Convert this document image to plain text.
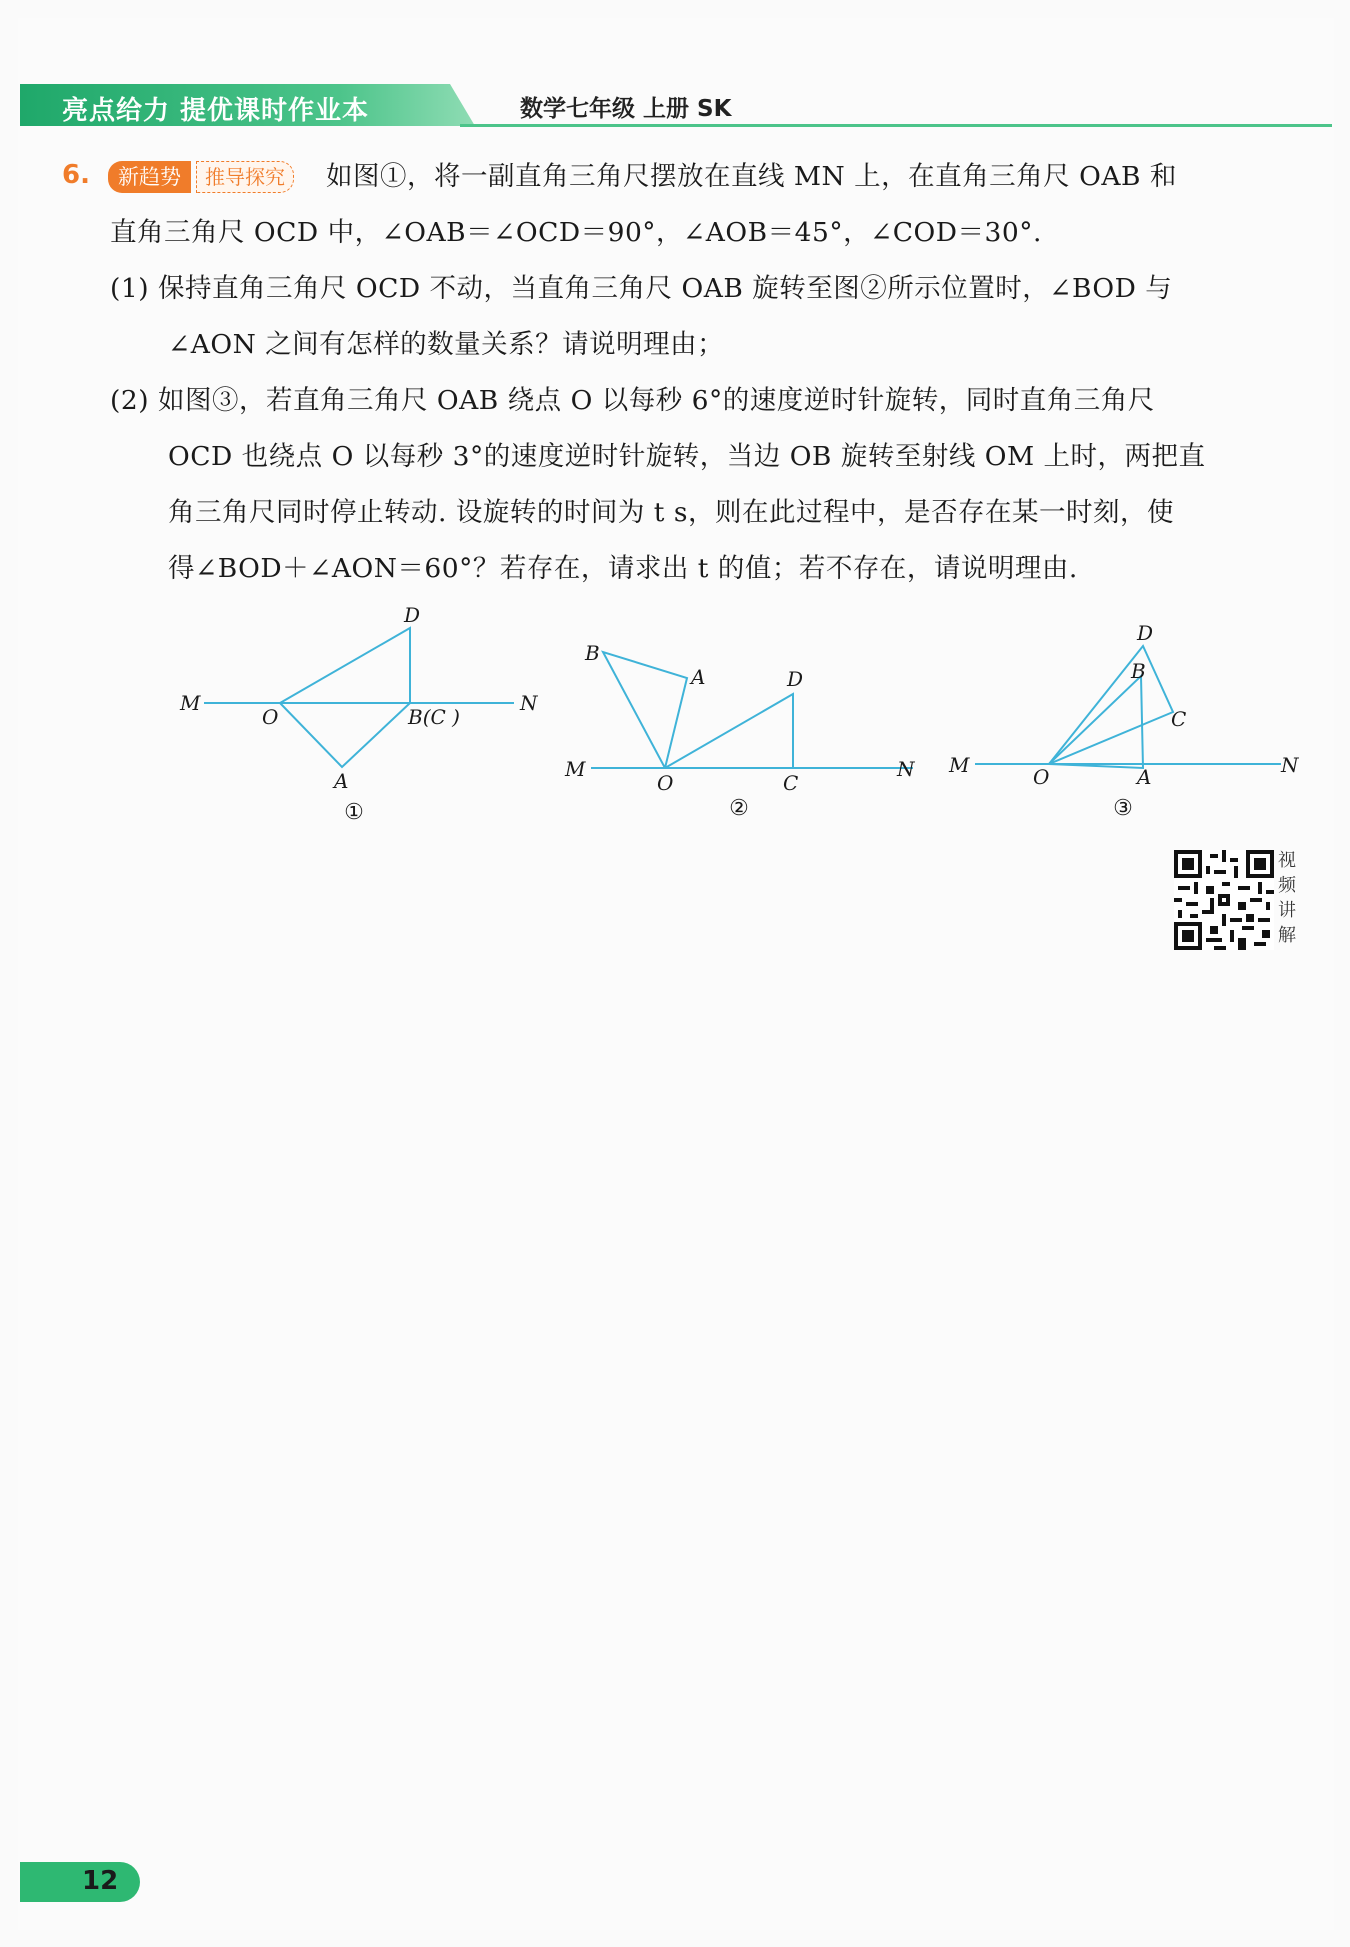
亮点给力 提优课时作业本	数学七年级 上册 SK
6.	新趋势	推导探究	如图①，将一副直角三角尺摆放在直线 MN 上，在直角三角尺 OAB 和
直角三角尺 OCD 中，∠OAB＝∠OCD＝90°，∠AOB＝45°，∠COD＝30°.
(1) 保持直角三角尺 OCD 不动，当直角三角尺 OAB 旋转至图②所示位置时，∠BOD 与
∠AON 之间有怎样的数量关系？请说明理由；
(2) 如图③，若直角三角尺 OAB 绕点 O 以每秒 6°的速度逆时针旋转，同时直角三角尺
OCD 也绕点 O 以每秒 3°的速度逆时针旋转，当边 OB 旋转至射线 OM 上时，两把直
角三角尺同时停止转动. 设旋转的时间为 t s，则在此过程中，是否存在某一时刻，使
得∠BOD＋∠AON＝60°？若存在，请求出 t 的值；若不存在，请说明理由.
M	N
O
D
B(C )
A
①
M	N
O
B
A	D
C
②
M	N
O
D
B
C
A
③
视频讲解
12
